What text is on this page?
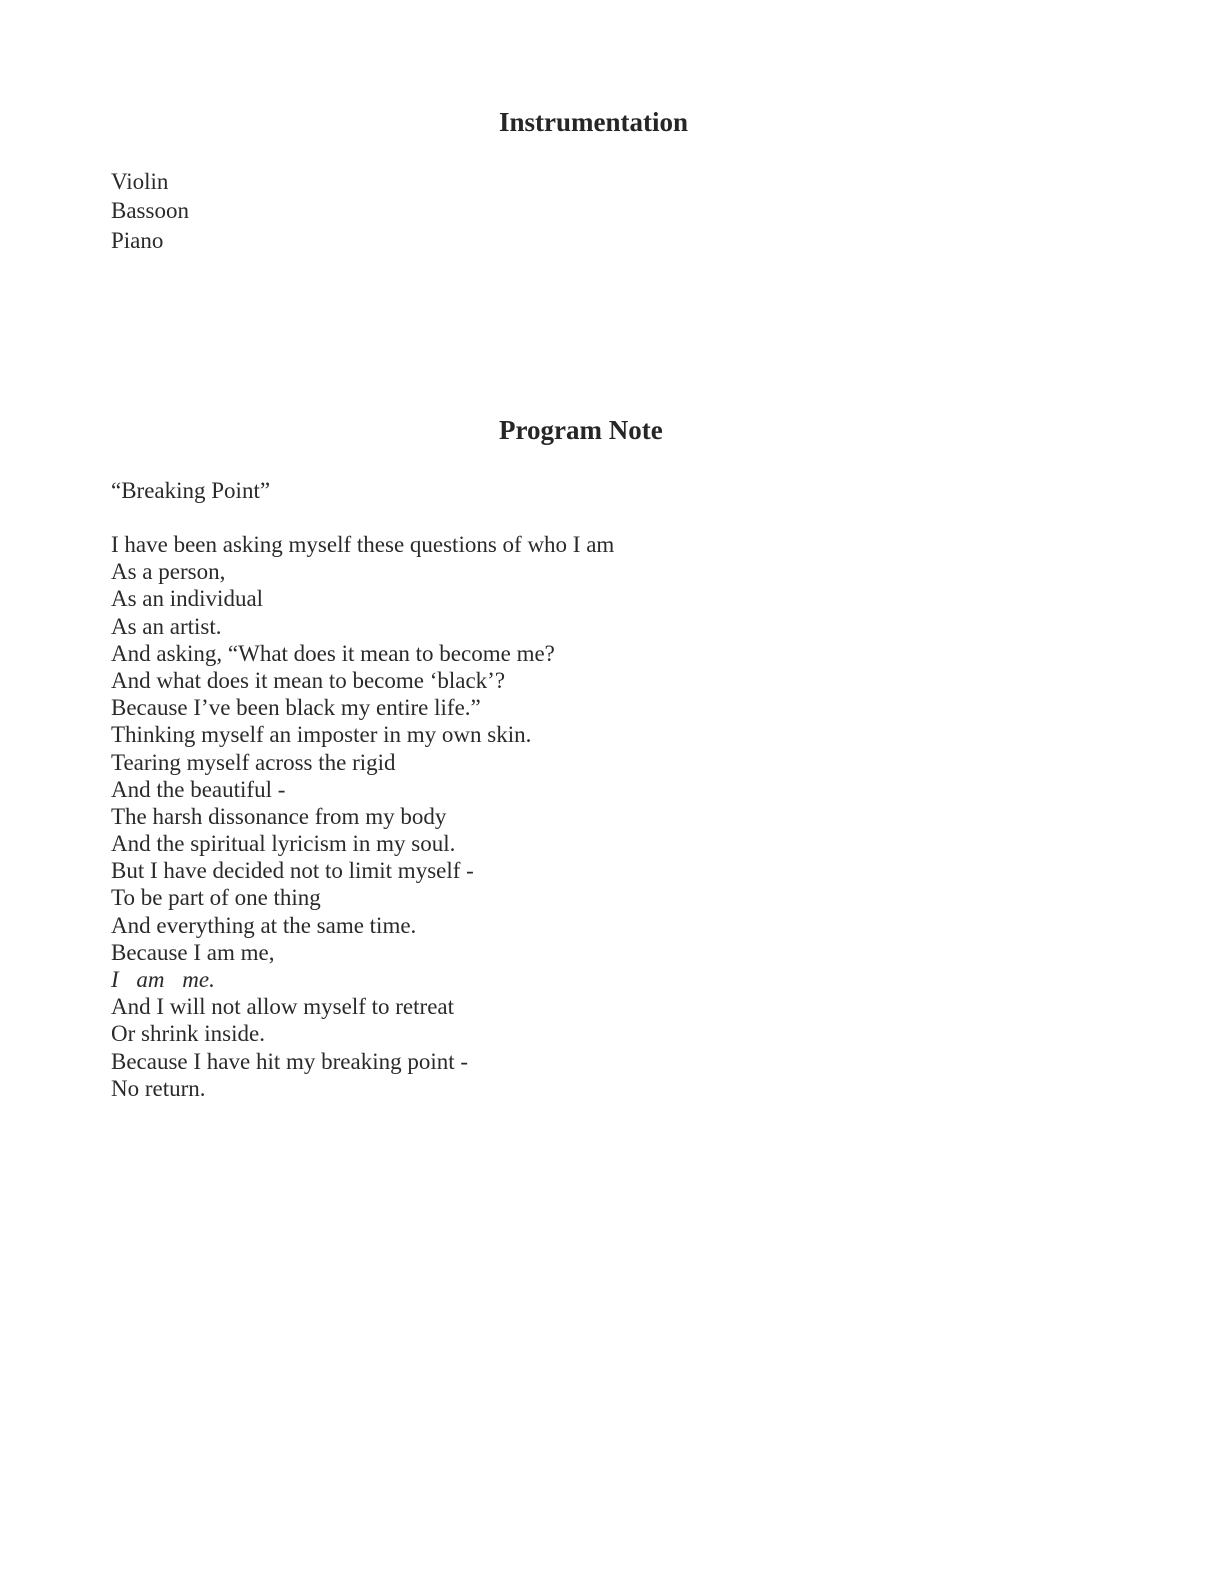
Instrumentation
Violin
Bassoon
Piano
Program Note

“Breaking Point”

I have been asking myself these questions of who I am
As a person,
As an individual
As an artist.
And asking, “What does it mean to become me?
And what does it mean to become ‘black’?
Because I’ve been black my entire life.”
Thinking myself an imposter in my own skin.
Tearing myself across the rigid
And the beautiful -
The harsh dissonance from my body
And the spiritual lyricism in my soul.
But I have decided not to limit myself -
To be part of one thing
And everything at the same time.
Because I am me,
I am me.
And I will not allow myself to retreat
Or shrink inside.
Because I have hit my breaking point -
No return.
